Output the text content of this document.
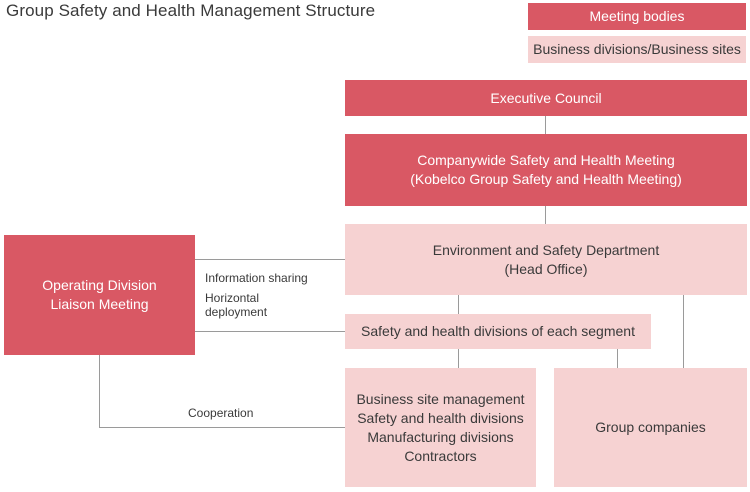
Group Safety and Health Management Structure	Meeting bodies
Business divisions/Business sites
Information sharing
Horizontal
deployment
Cooperation
Executive Council
Companywide Safety and Health Meeting
(Kobelco Group Safety and Health Meeting)
Environment and Safety Department
(Head Office)
Safety and health divisions of each segment
Operating Division
Liaison Meeting
Business site management
Safety and health divisions
Manufacturing divisions
Contractors
Group companies
